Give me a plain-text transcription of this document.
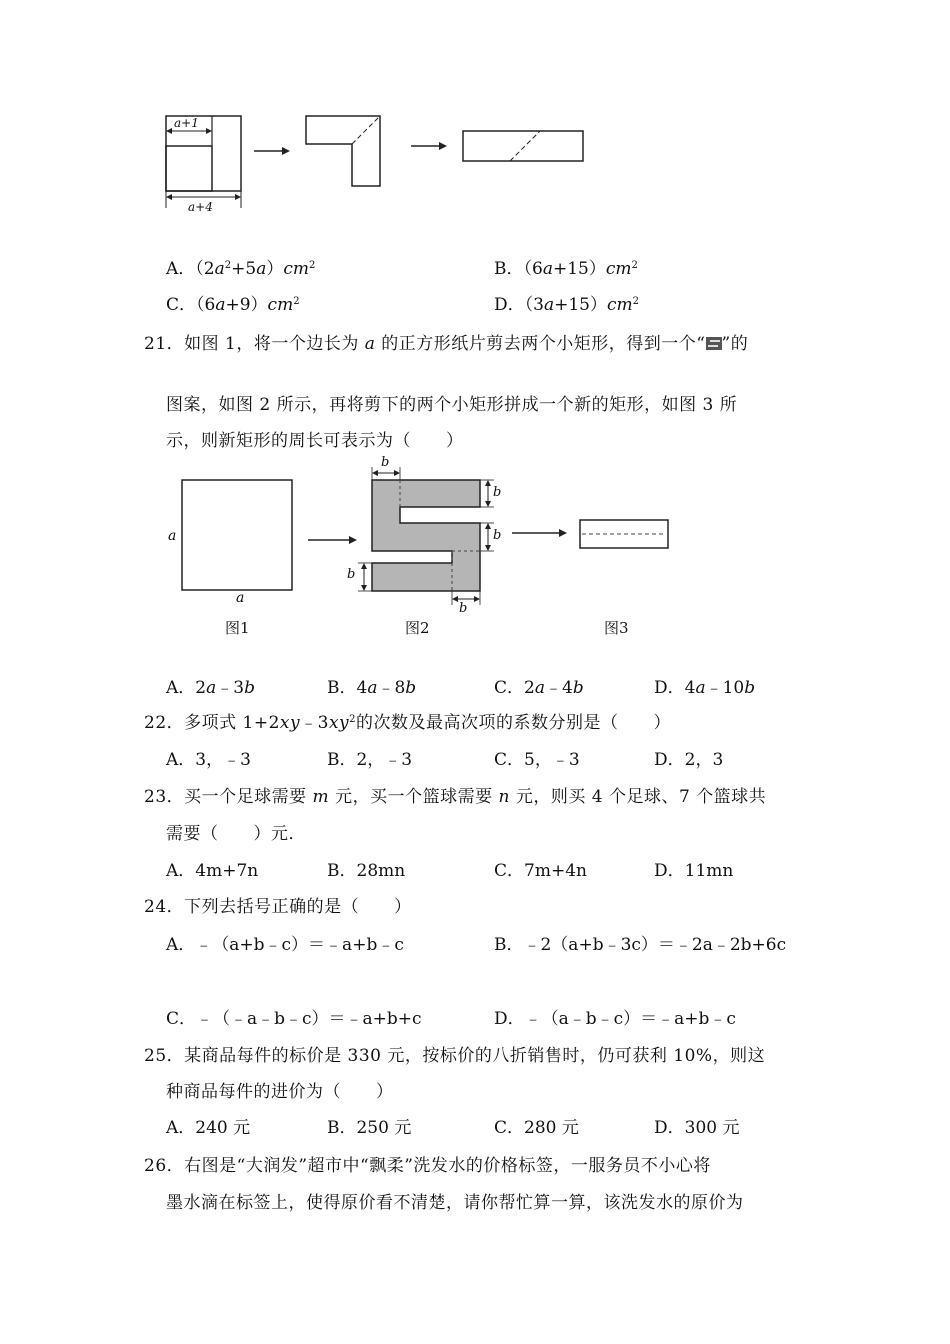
a+1
a+4
A．$(2a^2+5a)cm^2$	B．$(6a+15)cm^2$
C．$(6a+9)cm^2$	D．$(3a+15)cm^2$
21．如图 1，将一个边长为 a 的正方形纸片剪去两个小矩形，得到一个“ ”的
图案，如图 2 所示，再将剪下的两个小矩形拼成一个新的矩形，如图 3 所
示，则新矩形的周长可表示为（　　）
a
a
b
b
b
b
b
图1	图2	图3
A．2a﹣3b	B．4a﹣8b	C．2a﹣4b	D．4a﹣10b
22．多项式 $1+2xy﹣3xy^2$的次数及最高次项的系数分别是（　　）
A．3，﹣3	B．2，﹣3	C．5，﹣3	D．2，3
23．买一个足球需要 m 元，买一个篮球需要 n 元，则买 4 个足球、7 个篮球共
需要（　　）元．
A．4m+7n	B．28mn	C．7m+4n	D．11mn
24．下列去括号正确的是（　　）
A．﹣（a+b﹣c）＝﹣a+b﹣c	B．﹣2（a+b﹣3c）＝﹣2a﹣2b+6c
C．﹣（﹣a﹣b﹣c）＝﹣a+b+c	D．﹣（a﹣b﹣c）＝﹣a+b﹣c
25．某商品每件的标价是 330 元，按标价的八折销售时，仍可获利 10%，则这
种商品每件的进价为（　　）
A．240 元	B．250 元	C．280 元	D．300 元
26．右图是“大润发”超市中“飘柔”洗发水的价格标签，一服务员不小心将
墨水滴在标签上，使得原价看不清楚，请你帮忙算一算，该洗发水的原价为
